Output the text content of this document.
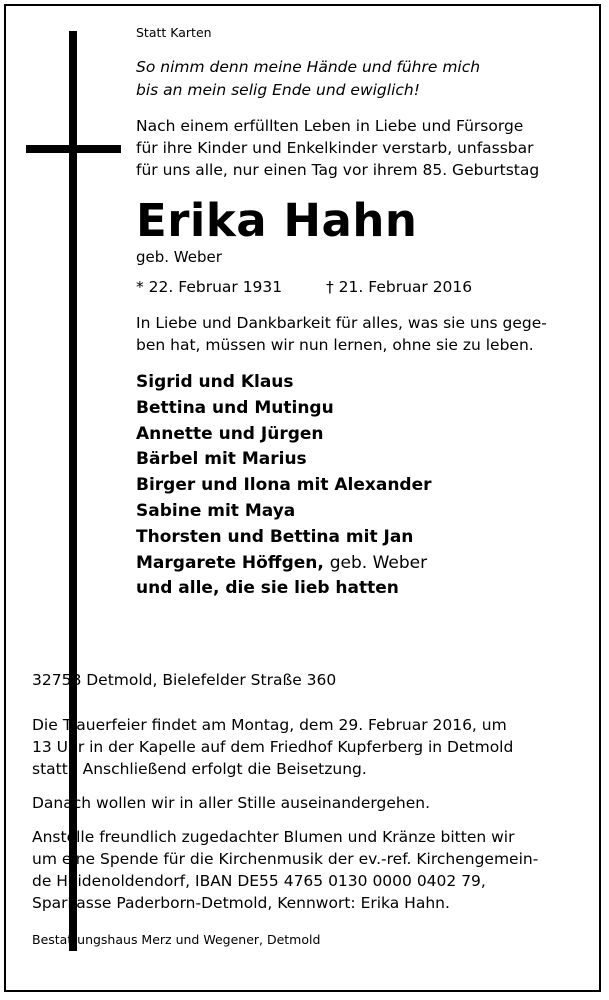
Statt Karten
So nimm denn meine Hände und führe mich
bis an mein selig Ende und ewiglich!
Nach einem erfüllten Leben in Liebe und Fürsorge
für ihre Kinder und Enkelkinder verstarb, unfassbar
für uns alle, nur einen Tag vor ihrem 85. Geburtstag
Erika Hahn
geb. Weber
* 22. Februar 1931	† 21. Februar 2016
In Liebe und Dankbarkeit für alles, was sie uns gege-
ben hat, müssen wir nun lernen, ohne sie zu leben.
Sigrid und Klaus
Bettina und Mutingu
Annette und Jürgen
Bärbel mit Marius
Birger und Ilona mit Alexander
Sabine mit Maya
Thorsten und Bettina mit Jan
Margarete Höffgen, geb. Weber
und alle, die sie lieb hatten
32758 Detmold, Bielefelder Straße 360
Die Trauerfeier findet am Montag, dem 29. Februar 2016, um
13 Uhr in der Kapelle auf dem Friedhof Kupferberg in Detmold
statt.  Anschließend erfolgt die Beisetzung.
Danach wollen wir in aller Stille auseinandergehen.
Anstelle freundlich zugedachter Blumen und Kränze bitten wir
um eine Spende für die Kirchenmusik der ev.-ref. Kirchengemein-
de Heidenoldendorf, IBAN DE55 4765 0130 0000 0402 79,
Sparkasse Paderborn-Detmold, Kennwort: Erika Hahn.
Bestattungshaus Merz und Wegener, Detmold
